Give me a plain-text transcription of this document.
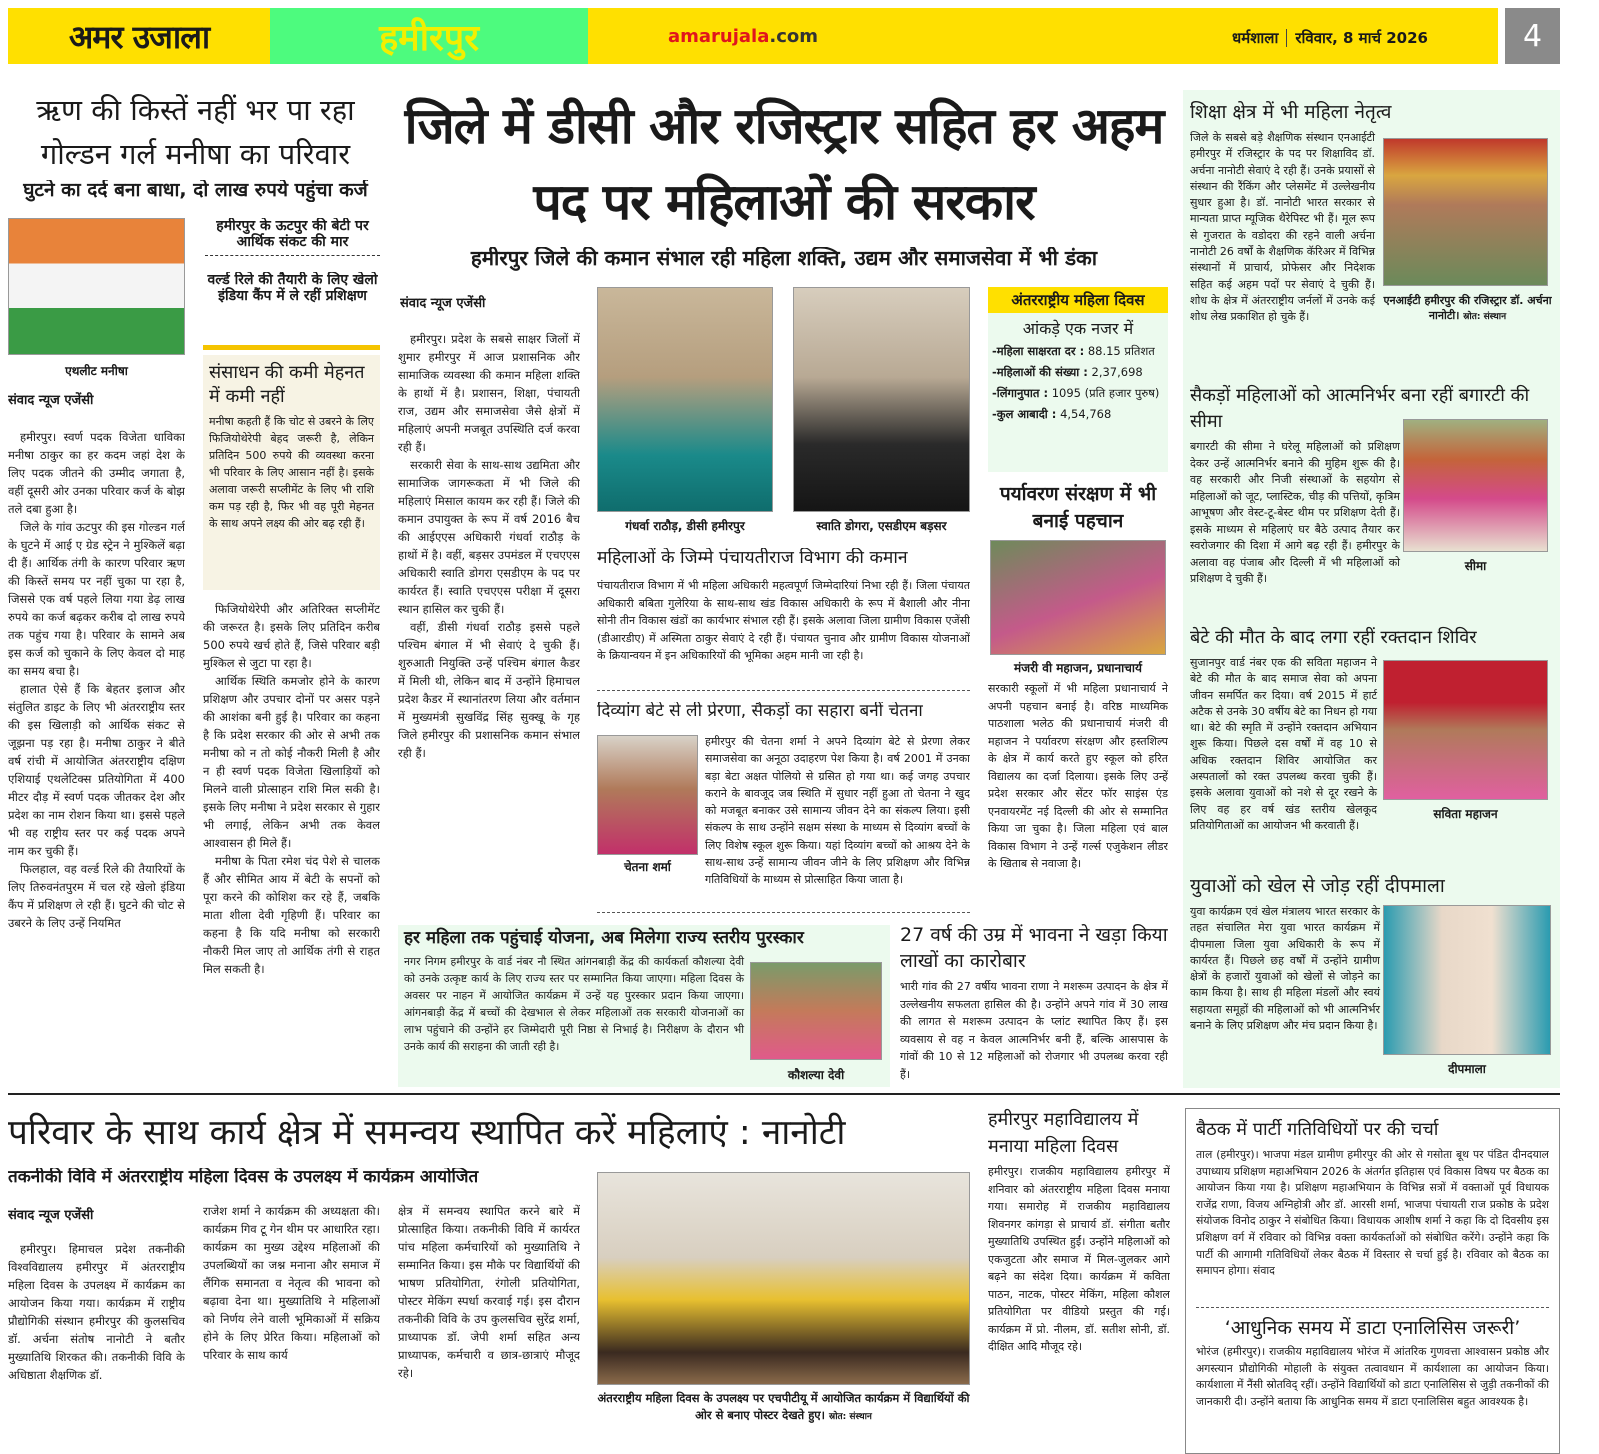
अमर उजाला	हमीरपुर	amarujala.com	धर्मशाला रविवार, 8 मार्च 2026	4
ऋण की किस्तें नहीं भर पा रहा गोल्डन गर्ल मनीषा का परिवार
घुटने का दर्द बना बाधा, दो लाख रुपये पहुंचा कर्ज
एथलीट मनीषा
हमीरपुर के ऊटपुर की बेटी पर आर्थिक संकट की मार
वर्ल्ड रिले की तैयारी के लिए खेलो इंडिया कैंप में ले रहीं प्रशिक्षण
संवाद न्यूज एजेंसी

हमीरपुर। स्वर्ण पदक विजेता धाविका मनीषा ठाकुर का हर कदम जहां देश के लिए पदक जीतने की उम्मीद जगाता है, वहीं दूसरी ओर उनका परिवार कर्ज के बोझ तले दबा हुआ है।

जिले के गांव ऊटपुर की इस गोल्डन गर्ल के घुटने में आई ए ग्रेड स्ट्रेन ने मुश्किलें बढ़ा दी हैं। आर्थिक तंगी के कारण परिवार ऋण की किस्तें समय पर नहीं चुका पा रहा है, जिससे एक वर्ष पहले लिया गया डेढ़ लाख रुपये का कर्ज बढ़कर करीब दो लाख रुपये तक पहुंच गया है। परिवार के सामने अब इस कर्ज को चुकाने के लिए केवल दो माह का समय बचा है।

हालात ऐसे हैं कि बेहतर इलाज और संतुलित डाइट के लिए भी अंतरराष्ट्रीय स्तर की इस खिलाड़ी को आर्थिक संकट से जूझना पड़ रहा है। मनीषा ठाकुर ने बीते वर्ष रांची में आयोजित अंतरराष्ट्रीय दक्षिण एशियाई एथलेटिक्स प्रतियोगिता में 400 मीटर दौड़ में स्वर्ण पदक जीतकर देश और प्रदेश का नाम रोशन किया था। इससे पहले भी वह राष्ट्रीय स्तर पर कई पदक अपने नाम कर चुकी हैं।

फिलहाल, वह वर्ल्ड रिले की तैयारियों के लिए तिरुवनंतपुरम में चल रहे खेलो इंडिया कैंप में प्रशिक्षण ले रही हैं। घुटने की चोट से उबरने के लिए उन्हें नियमित

संसाधन की कमी मेहनत में कमी नहीं
मनीषा कहती हैं कि चोट से उबरने के लिए फिजियोथेरेपी बेहद जरूरी है, लेकिन प्रतिदिन 500 रुपये की व्यवस्था करना भी परिवार के लिए आसान नहीं है। इसके अलावा जरूरी सप्लीमेंट के लिए भी राशि कम पड़ रही है, फिर भी वह पूरी मेहनत के साथ अपने लक्ष्य की ओर बढ़ रही हैं।

फिजियोथेरेपी और अतिरिक्त सप्लीमेंट की जरूरत है। इसके लिए प्रतिदिन करीब 500 रुपये खर्च होते हैं, जिसे परिवार बड़ी मुश्किल से जुटा पा रहा है।

आर्थिक स्थिति कमजोर होने के कारण प्रशिक्षण और उपचार दोनों पर असर पड़ने की आशंका बनी हुई है। परिवार का कहना है कि प्रदेश सरकार की ओर से अभी तक मनीषा को न तो कोई नौकरी मिली है और न ही स्वर्ण पदक विजेता खिलाड़ियों को मिलने वाली प्रोत्साहन राशि मिल सकी है। इसके लिए मनीषा ने प्रदेश सरकार से गुहार भी लगाई, लेकिन अभी तक केवल आश्वासन ही मिले हैं।

मनीषा के पिता रमेश चंद पेशे से चालक हैं और सीमित आय में बेटी के सपनों को पूरा करने की कोशिश कर रहे हैं, जबकि माता शीला देवी गृहिणी हैं। परिवार का कहना है कि यदि मनीषा को सरकारी नौकरी मिल जाए तो आर्थिक तंगी से राहत मिल सकती है।

जिले में डीसी और रजिस्ट्रार सहित हर अहम पद पर महिलाओं की सरकार
हमीरपुर जिले की कमान संभाल रही महिला शक्ति, उद्यम और समाजसेवा में भी डंका
संवाद न्यूज एजेंसी

हमीरपुर। प्रदेश के सबसे साक्षर जिलों में शुमार हमीरपुर में आज प्रशासनिक और सामाजिक व्यवस्था की कमान महिला शक्ति के हाथों में है। प्रशासन, शिक्षा, पंचायती राज, उद्यम और समाजसेवा जैसे क्षेत्रों में महिलाएं अपनी मजबूत उपस्थिति दर्ज करवा रही हैं।

सरकारी सेवा के साथ-साथ उद्यमिता और सामाजिक जागरूकता में भी जिले की महिलाएं मिसाल कायम कर रही हैं। जिले की कमान उपायुक्त के रूप में वर्ष 2016 बैच की आईएएस अधिकारी गंधर्वा राठौड़ के हाथों में है। वहीं, बड़सर उपमंडल में एचएएस अधिकारी स्वाति डोगरा एसडीएम के पद पर कार्यरत हैं। स्वाति एचएएस परीक्षा में दूसरा स्थान हासिल कर चुकी हैं।

वहीं, डीसी गंधर्वा राठौड़ इससे पहले पश्चिम बंगाल में भी सेवाएं दे चुकी हैं। शुरुआती नियुक्ति उन्हें पश्चिम बंगाल कैडर में मिली थी, लेकिन बाद में उन्होंने हिमाचल प्रदेश कैडर में स्थानांतरण लिया और वर्तमान में मुख्यमंत्री सुखविंद्र सिंह सुक्खू के गृह जिले हमीरपुर की प्रशासनिक कमान संभाल रही हैं।

गंधर्वा राठौड़, डीसी हमीरपुर	स्वाति डोगरा, एसडीएम बड़सर
अंतरराष्ट्रीय महिला दिवस
आंकड़े एक नजर में
-महिला साक्षरता दर : 88.15 प्रतिशत
-महिलाओं की संख्या : 2,37,698
-लिंगानुपात : 1095 (प्रति हजार पुरुष)
-कुल आबादी : 4,54,768
पर्यावरण संरक्षण में भी बनाई पहचान
मंजरी वी महाजन, प्रधानाचार्य
सरकारी स्कूलों में भी महिला प्रधानाचार्य ने अपनी पहचान बनाई है। वरिष्ठ माध्यमिक पाठशाला भलेठ की प्रधानाचार्य मंजरी वी महाजन ने पर्यावरण संरक्षण और हस्तशिल्प के क्षेत्र में कार्य करते हुए स्कूल को हरित विद्यालय का दर्जा दिलाया। इसके लिए उन्हें प्रदेश सरकार और सेंटर फॉर साइंस एंड एनवायरमेंट नई दिल्ली की ओर से सम्मानित किया जा चुका है। जिला महिला एवं बाल विकास विभाग ने उन्हें गर्ल्स एजुकेशन लीडर के खिताब से नवाजा है।
महिलाओं के जिम्मे पंचायतीराज विभाग की कमान
पंचायतीराज विभाग में भी महिला अधिकारी महत्वपूर्ण जिम्मेदारियां निभा रही हैं। जिला पंचायत अधिकारी बबिता गुलेरिया के साथ-साथ खंड विकास अधिकारी के रूप में बैशाली और नीना सोनी तीन विकास खंडों का कार्यभार संभाल रही हैं। इसके अलावा जिला ग्रामीण विकास एजेंसी (डीआरडीए) में अस्मिता ठाकुर सेवाएं दे रही हैं। पंचायत चुनाव और ग्रामीण विकास योजनाओं के क्रियान्वयन में इन अधिकारियों की भूमिका अहम मानी जा रही है।
दिव्यांग बेटे से ली प्रेरणा, सैकड़ों का सहारा बनीं चेतना
चेतना शर्मा
हमीरपुर की चेतना शर्मा ने अपने दिव्यांग बेटे से प्रेरणा लेकर समाजसेवा का अनूठा उदाहरण पेश किया है। वर्ष 2001 में उनका बड़ा बेटा अक्षत पोलियो से ग्रसित हो गया था। कई जगह उपचार कराने के बावजूद जब स्थिति में सुधार नहीं हुआ तो चेतना ने खुद को मजबूत बनाकर उसे सामान्य जीवन देने का संकल्प लिया। इसी संकल्प के साथ उन्होंने सक्षम संस्था के माध्यम से दिव्यांग बच्चों के लिए विशेष स्कूल शुरू किया। यहां दिव्यांग बच्चों को आश्रय देने के साथ-साथ उन्हें सामान्य जीवन जीने के लिए प्रशिक्षण और विभिन्न गतिविधियों के माध्यम से प्रोत्साहित किया जाता है।
हर महिला तक पहुंचाई योजना, अब मिलेगा राज्य स्तरीय पुरस्कार
नगर निगम हमीरपुर के वार्ड नंबर नौ स्थित आंगनबाड़ी केंद्र की कार्यकर्ता कौशल्या देवी को उनके उत्कृष्ट कार्य के लिए राज्य स्तर पर सम्मानित किया जाएगा। महिला दिवस के अवसर पर नाहन में आयोजित कार्यक्रम में उन्हें यह पुरस्कार प्रदान किया जाएगा। आंगनबाड़ी केंद्र में बच्चों की देखभाल से लेकर महिलाओं तक सरकारी योजनाओं का लाभ पहुंचाने की उन्होंने हर जिम्मेदारी पूरी निष्ठा से निभाई है। निरीक्षण के दौरान भी उनके कार्य की सराहना की जाती रही है।
कौशल्या देवी
27 वर्ष की उम्र में भावना ने खड़ा किया लाखों का कारोबार
भारी गांव की 27 वर्षीय भावना राणा ने मशरूम उत्पादन के क्षेत्र में उल्लेखनीय सफलता हासिल की है। उन्होंने अपने गांव में 30 लाख की लागत से मशरूम उत्पादन के प्लांट स्थापित किए हैं। इस व्यवसाय से वह न केवल आत्मनिर्भर बनी हैं, बल्कि आसपास के गांवों की 10 से 12 महिलाओं को रोजगार भी उपलब्ध करवा रही हैं।
शिक्षा क्षेत्र में भी महिला नेतृत्व
एनआईटी हमीरपुर की रजिस्ट्रार डॉ. अर्चना नानोटी। स्रोत: संस्थान
जिले के सबसे बड़े शैक्षणिक संस्थान एनआईटी हमीरपुर में रजिस्ट्रार के पद पर शिक्षाविद डॉ. अर्चना नानोटी सेवाएं दे रही हैं। उनके प्रयासों से संस्थान की रैंकिंग और प्लेसमेंट में उल्लेखनीय सुधार हुआ है। डॉ. नानोटी भारत सरकार से मान्यता प्राप्त म्यूजिक थैरेपिस्ट भी हैं। मूल रूप से गुजरात के वडोदरा की रहने वाली अर्चना नानोटी 26 वर्षों के शैक्षणिक कॅरिअर में विभिन्न संस्थानों में प्राचार्य, प्रोफेसर और निदेशक सहित कई अहम पदों पर सेवाएं दे चुकी हैं। शोध के क्षेत्र में अंतरराष्ट्रीय जर्नलों में उनके कई शोध लेख प्रकाशित हो चुके हैं।
सैकड़ों महिलाओं को आत्मनिर्भर बना रहीं बगारटी की सीमा
सीमा
बगारटी की सीमा ने घरेलू महिलाओं को प्रशिक्षण देकर उन्हें आत्मनिर्भर बनाने की मुहिम शुरू की है। वह सरकारी और निजी संस्थाओं के सहयोग से महिलाओं को जूट, प्लास्टिक, चीड़ की पत्तियों, कृत्रिम आभूषण और वेस्ट-टू-बेस्ट थीम पर प्रशिक्षण देती हैं। इसके माध्यम से महिलाएं घर बैठे उत्पाद तैयार कर स्वरोजगार की दिशा में आगे बढ़ रही हैं। हमीरपुर के अलावा वह पंजाब और दिल्ली में भी महिलाओं को प्रशिक्षण दे चुकी हैं।
बेटे की मौत के बाद लगा रहीं रक्तदान शिविर
सविता महाजन
सुजानपुर वार्ड नंबर एक की सविता महाजन ने बेटे की मौत के बाद समाज सेवा को अपना जीवन समर्पित कर दिया। वर्ष 2015 में हार्ट अटैक से उनके 30 वर्षीय बेटे का निधन हो गया था। बेटे की स्मृति में उन्होंने रक्तदान अभियान शुरू किया। पिछले दस वर्षों में वह 10 से अधिक रक्तदान शिविर आयोजित कर अस्पतालों को रक्त उपलब्ध करवा चुकी हैं। इसके अलावा युवाओं को नशे से दूर रखने के लिए वह हर वर्ष खंड स्तरीय खेलकूद प्रतियोगिताओं का आयोजन भी करवाती हैं।
युवाओं को खेल से जोड़ रहीं दीपमाला
दीपमाला
युवा कार्यक्रम एवं खेल मंत्रालय भारत सरकार के तहत संचालित मेरा युवा भारत कार्यक्रम में दीपमाला जिला युवा अधिकारी के रूप में कार्यरत हैं। पिछले छह वर्षों में उन्होंने ग्रामीण क्षेत्रों के हजारों युवाओं को खेलों से जोड़ने का काम किया है। साथ ही महिला मंडलों और स्वयं सहायता समूहों की महिलाओं को भी आत्मनिर्भर बनाने के लिए प्रशिक्षण और मंच प्रदान किया है।
परिवार के साथ कार्य क्षेत्र में समन्वय स्थापित करें महिलाएं : नानोटी
तकनीकी विवि में अंतरराष्ट्रीय महिला दिवस के उपलक्ष्य में कार्यक्रम आयोजित
संवाद न्यूज एजेंसी

हमीरपुर। हिमाचल प्रदेश तकनीकी विश्वविद्यालय हमीरपुर में अंतरराष्ट्रीय महिला दिवस के उपलक्ष्य में कार्यक्रम का आयोजन किया गया। कार्यक्रम में राष्ट्रीय प्रौद्योगिकी संस्थान हमीरपुर की कुलसचिव डॉ. अर्चना संतोष नानोटी ने बतौर मुख्यातिथि शिरकत की। तकनीकी विवि के अधिष्ठाता शैक्षणिक डॉ.

राजेश शर्मा ने कार्यक्रम की अध्यक्षता की। कार्यक्रम गिव टू गेन थीम पर आधारित रहा। कार्यक्रम का मुख्य उद्देश्य महिलाओं की उपलब्धियों का जश्न मनाना और समाज में लैंगिक समानता व नेतृत्व की भावना को बढ़ावा देना था। मुख्यातिथि ने महिलाओं को निर्णय लेने वाली भूमिकाओं में सक्रिय होने के लिए प्रेरित किया। महिलाओं को परिवार के साथ कार्य

क्षेत्र में समन्वय स्थापित करने बारे में प्रोत्साहित किया। तकनीकी विवि में कार्यरत पांच महिला कर्मचारियों को मुख्यातिथि ने सम्मानित किया। इस मौके पर विद्यार्थियों की भाषण प्रतियोगिता, रंगोली प्रतियोगिता, पोस्टर मेकिंग स्पर्धा करवाई गई। इस दौरान तकनीकी विवि के उप कुलसचिव सुरेंद्र शर्मा, प्राध्यापक डॉ. जेपी शर्मा सहित अन्य प्राध्यापक, कर्मचारी व छात्र-छात्राएं मौजूद रहे।

अंतरराष्ट्रीय महिला दिवस के उपलक्ष्य पर एचपीटीयू में आयोजित कार्यक्रम में विद्यार्थियों की ओर से बनाए पोस्टर देखते हुए। स्रोत: संस्थान
हमीरपुर महाविद्यालय में मनाया महिला दिवस
हमीरपुर। राजकीय महाविद्यालय हमीरपुर में शनिवार को अंतरराष्ट्रीय महिला दिवस मनाया गया। समारोह में राजकीय महाविद्यालय शिवनगर कांगड़ा से प्राचार्य डॉ. संगीता बतौर मुख्यातिथि उपस्थित हुईं। उन्होंने महिलाओं को एकजुटता और समाज में मिल-जुलकर आगे बढ़ने का संदेश दिया। कार्यक्रम में कविता पाठन, नाटक, पोस्टर मेकिंग, महिला कौशल प्रतियोगिता पर वीडियो प्रस्तुत की गई। कार्यक्रम में प्रो. नीलम, डॉ. सतीश सोनी, डॉ. दीक्षित आदि मौजूद रहे।
बैठक में पार्टी गतिविधियों पर की चर्चा
ताल (हमीरपुर)। भाजपा मंडल ग्रामीण हमीरपुर की ओर से गसोता बूथ पर पंडित दीनदयाल उपाध्याय प्रशिक्षण महाअभियान 2026 के अंतर्गत इतिहास एवं विकास विषय पर बैठक का आयोजन किया गया है। प्रशिक्षण महाअभियान के विभिन्न सत्रों में वक्ताओं पूर्व विधायक राजेंद्र राणा, विजय अग्निहोत्री और डॉ. आरसी शर्मा, भाजपा पंचायती राज प्रकोष्ठ के प्रदेश संयोजक विनोद ठाकुर ने संबोधित किया। विधायक आशीष शर्मा ने कहा कि दो दिवसीय इस प्रशिक्षण वर्ग में रविवार को विभिन्न वक्ता कार्यकर्ताओं को संबोधित करेंगे। उन्होंने कहा कि पार्टी की आगामी गतिविधियों लेकर बैठक में विस्तार से चर्चा हुई है। रविवार को बैठक का समापन होगा। संवाद
‘आधुनिक समय में डाटा एनालिसिस जरूरी’
भोरंज (हमीरपुर)। राजकीय महाविद्यालय भोरंज में आंतरिक गुणवत्ता आश्वासन प्रकोष्ठ और अगस्त्यान प्रौद्योगिकी मोहाली के संयुक्त तत्वावधान में कार्यशाला का आयोजन किया। कार्यशाला में नैंसी स्रोतविद् रहीं। उन्होंने विद्यार्थियों को डाटा एनालिसिस से जुड़ी तकनीकों की जानकारी दी। उन्होंने बताया कि आधुनिक समय में डाटा एनालिसिस बहुत आवश्यक है।
